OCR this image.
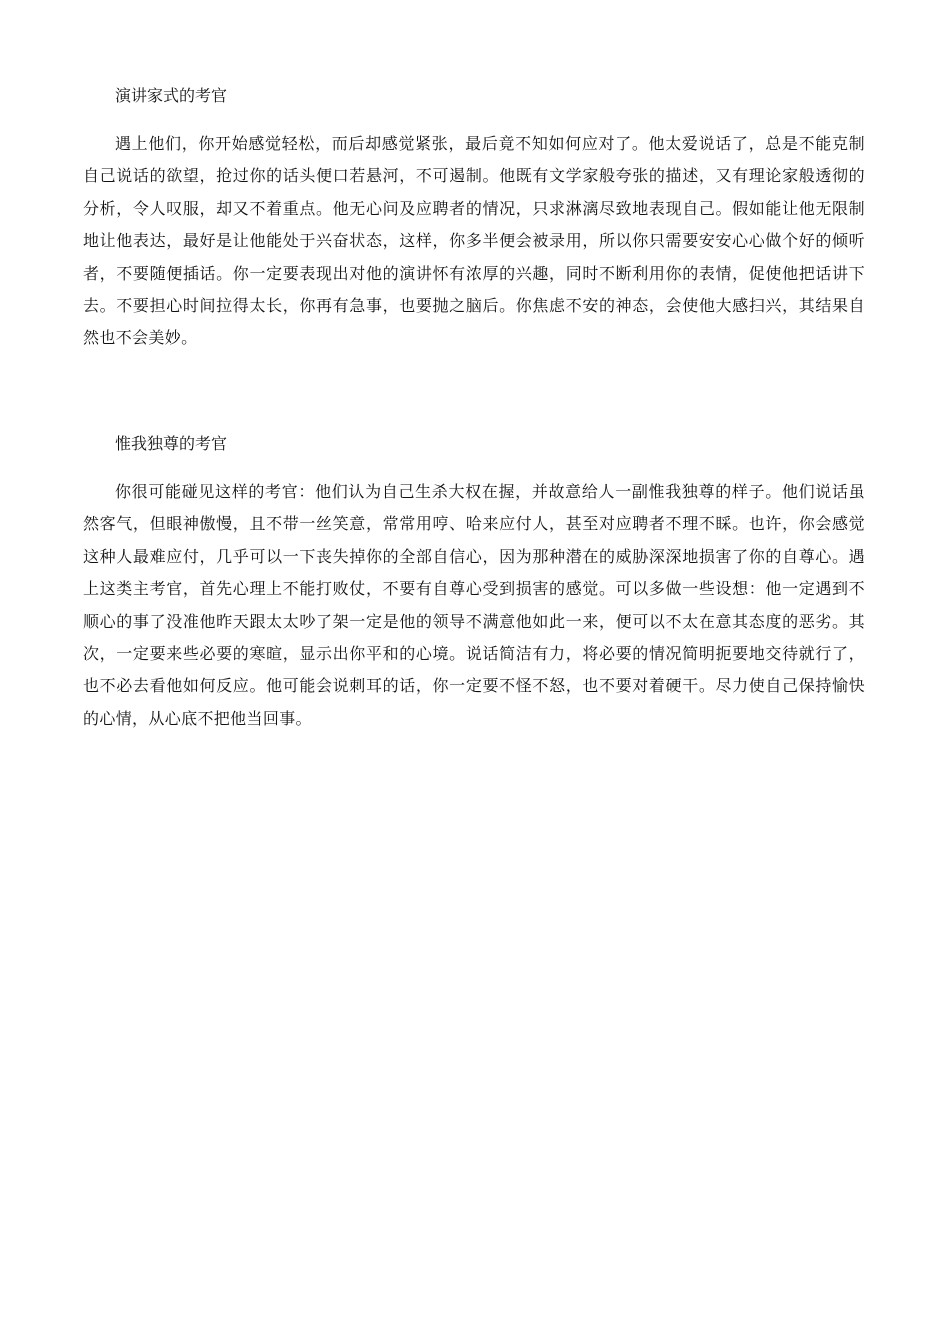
演讲家式的考官
遇上他们，你开始感觉轻松，而后却感觉紧张，最后竟不知如何应对了。他太爱说话了，总是不能克制自己说话的欲望，抢过你的话头便口若悬河，不可遏制。他既有文学家般夸张的描述，又有理论家般透彻的分析，令人叹服，却又不着重点。他无心问及应聘者的情况，只求淋漓尽致地表现自己。假如能让他无限制地让他表达，最好是让他能处于兴奋状态，这样，你多半便会被录用，所以你只需要安安心心做个好的倾听者，不要随便插话。你一定要表现出对他的演讲怀有浓厚的兴趣，同时不断利用你的表情，促使他把话讲下去。不要担心时间拉得太长，你再有急事，也要抛之脑后。你焦虑不安的神态，会使他大感扫兴，其结果自然也不会美妙。
惟我独尊的考官
你很可能碰见这样的考官：他们认为自己生杀大权在握，并故意给人一副惟我独尊的样子。他们说话虽然客气，但眼神傲慢，且不带一丝笑意，常常用哼、哈来应付人，甚至对应聘者不理不睬。也许，你会感觉这种人最难应付，几乎可以一下丧失掉你的全部自信心，因为那种潜在的威胁深深地损害了你的自尊心。遇上这类主考官，首先心理上不能打败仗，不要有自尊心受到损害的感觉。可以多做一些设想：他一定遇到不顺心的事了没准他昨天跟太太吵了架一定是他的领导不满意他如此一来，便可以不太在意其态度的恶劣。其次，一定要来些必要的寒暄，显示出你平和的心境。说话简洁有力，将必要的情况简明扼要地交待就行了，也不必去看他如何反应。他可能会说刺耳的话，你一定要不怪不怒，也不要对着硬干。尽力使自己保持愉快的心情，从心底不把他当回事。
